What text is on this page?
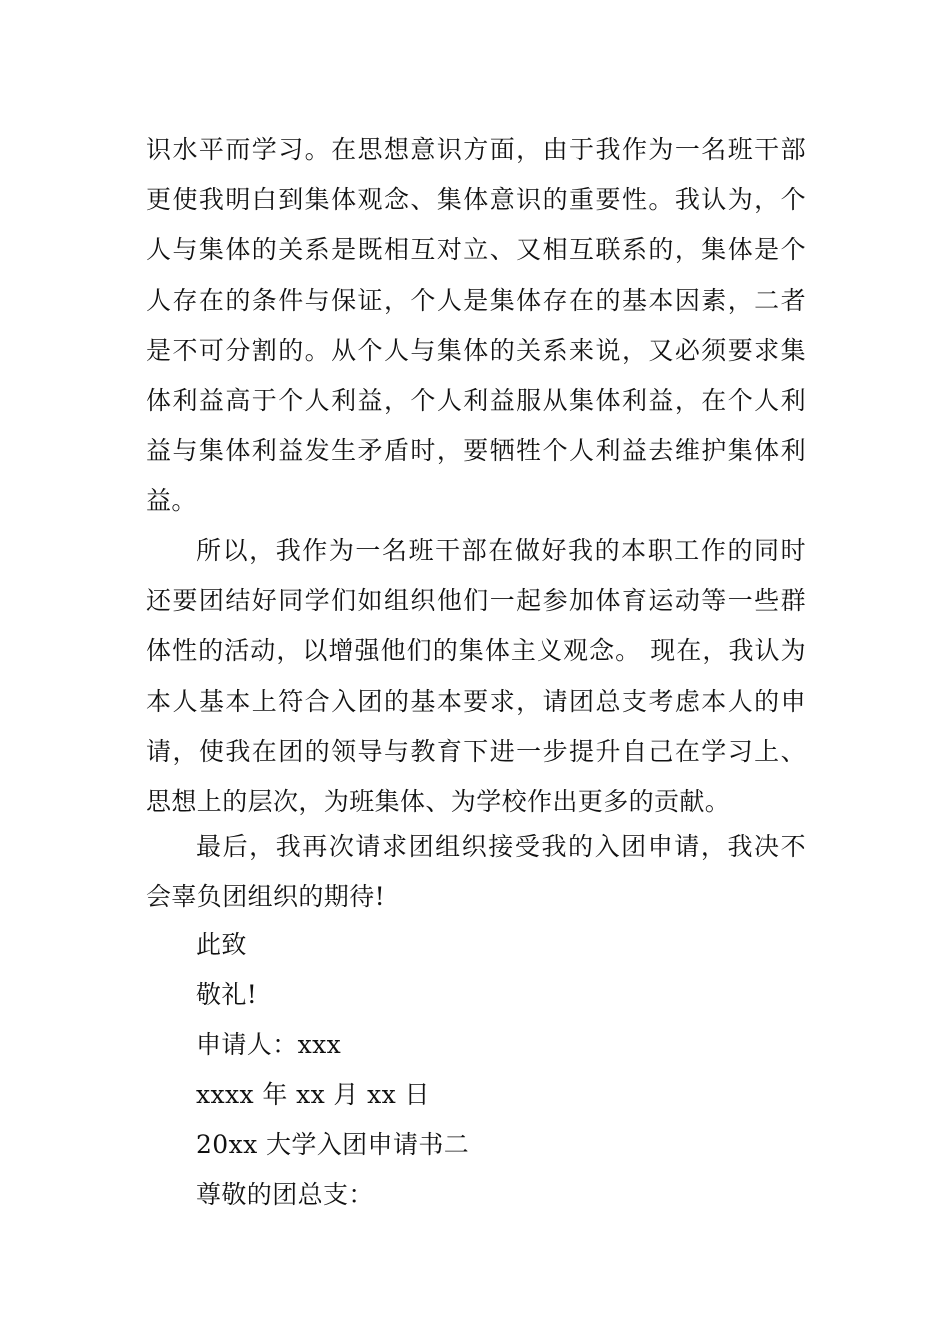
识水平而学习。在思想意识方面，由于我作为一名班干部
更使我明白到集体观念、集体意识的重要性。我认为，个
人与集体的关系是既相互对立、又相互联系的，集体是个
人存在的条件与保证，个人是集体存在的基本因素，二者
是不可分割的。从个人与集体的关系来说，又必须要求集
体利益高于个人利益，个人利益服从集体利益，在个人利
益与集体利益发生矛盾时，要牺牲个人利益去维护集体利
益。
所以，我作为一名班干部在做好我的本职工作的同时
还要团结好同学们如组织他们一起参加体育运动等一些群
体性的活动，以增强他们的集体主义观念。 现在，我认为
本人基本上符合入团的基本要求，请团总支考虑本人的申
请，使我在团的领导与教育下进一步提升自己在学习上、
思想上的层次，为班集体、为学校作出更多的贡献。
最后，我再次请求团组织接受我的入团申请，我决不
会辜负团组织的期待!
此致
敬礼!
申请人：xxx
xxxx 年 xx 月 xx 日
20xx 大学入团申请书二
尊敬的团总支：
